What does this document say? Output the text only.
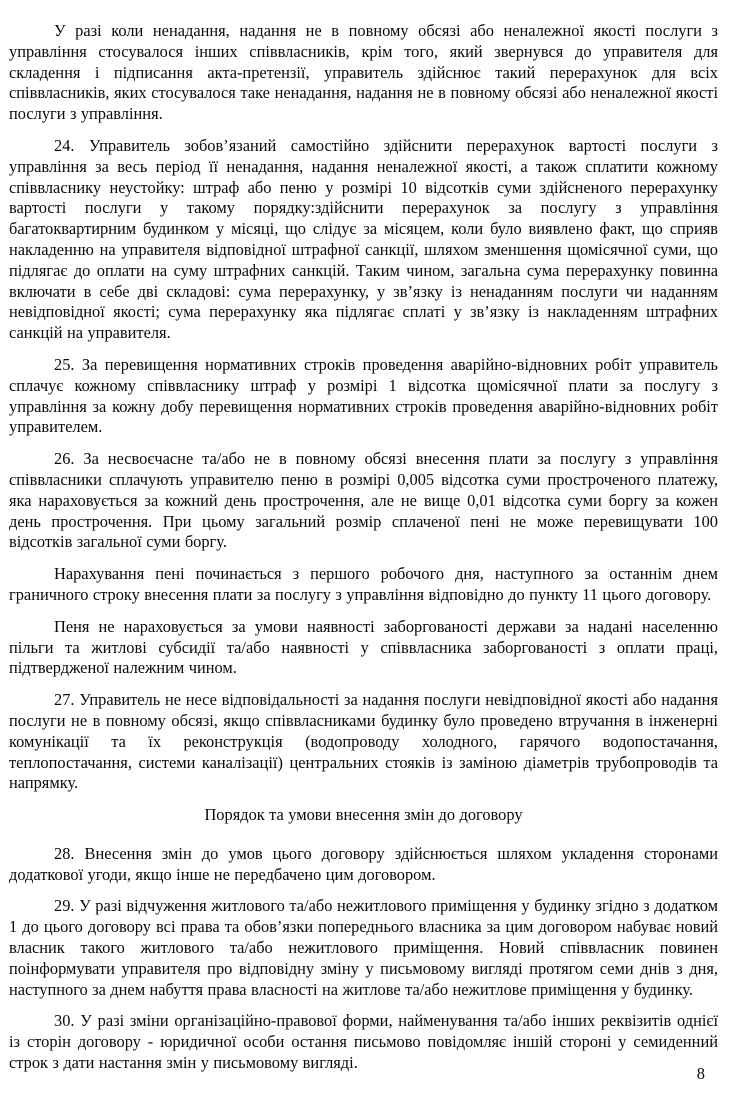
У разі коли ненадання, надання не в повному обсязі або неналежної якості послуги з управління стосувалося інших співвласників, крім того, який звернувся до управителя для складення і підписання акта-претензії, управитель здійснює такий перерахунок для всіх співвласників, яких стосувалося таке ненадання, надання не в повному обсязі або неналежної якості послуги з управління.

24. Управитель зобов’язаний самостійно здійснити перерахунок вартості послуги з управління за весь період її ненадання, надання неналежної якості, а також сплатити кожному співвласнику неустойку: штраф або пеню у розмірі 10 відсотків суми здійсненого перерахунку вартості послуги у такому порядку:здійснити перерахунок за послугу з управління багатоквартирним будинком у місяці, що слідує за місяцем, коли було виявлено факт, що сприяв накладенню на управителя відповідної штрафної санкції, шляхом зменшення щомісячної суми, що підлягає до оплати на суму штрафних санкцій. Таким чином, загальна сума перерахунку повинна включати в себе дві складові: сума перерахунку, у зв’язку із ненаданням послуги чи наданням невідповідної якості; сума перерахунку яка підлягає сплаті у зв’язку із накладенням штрафних санкцій на управителя.

25. За перевищення нормативних строків проведення аварійно-відновних робіт управитель сплачує кожному співвласнику штраф у розмірі 1 відсотка щомісячної плати за послугу з управління за кожну добу перевищення нормативних строків проведення аварійно-відновних робіт управителем.

26. За несвоєчасне та/або не в повному обсязі внесення плати за послугу з управління співвласники сплачують управителю пеню в розмірі 0,005 відсотка суми простроченого платежу, яка нараховується за кожний день прострочення, але не вище 0,01 відсотка суми боргу за кожен день прострочення. При цьому загальний розмір сплаченої пені не може перевищувати 100 відсотків загальної суми боргу.

Нарахування пені починається з першого робочого дня, наступного за останнім днем граничного строку внесення плати за послугу з управління відповідно до пункту 11 цього договору.

Пеня не нараховується за умови наявності заборгованості держави за надані населенню пільги та житлові субсидії та/або наявності у співвласника заборгованості з оплати праці, підтвердженої належним чином.

27. Управитель не несе відповідальності за надання послуги невідповідної якості або надання послуги не в повному обсязі, якщо співвласниками будинку було проведено втручання в інженерні комунікації та їх реконструкція (водопроводу холодного, гарячого водопостачання, теплопостачання, системи каналізації) центральних стояків із заміною діаметрів трубопроводів та напрямку.

Порядок та умови внесення змін до договору

28. Внесення змін до умов цього договору здійснюється шляхом укладення сторонами додаткової угоди, якщо інше не передбачено цим договором.

29. У разі відчуження житлового та/або нежитлового приміщення у будинку згідно з додатком 1 до цього договору всі права та обов’язки попереднього власника за цим договором набуває новий власник такого житлового та/або нежитлового приміщення. Новий співвласник повинен поінформувати управителя про відповідну зміну у письмовому вигляді протягом семи днів з дня, наступного за днем набуття права власності на житлове та/або нежитлове приміщення у будинку.

30. У разі зміни організаційно-правової форми, найменування та/або інших реквізитів однієї із сторін договору - юридичної особи остання письмово повідомляє іншій стороні у семиденний строк з дати настання змін у письмовому вигляді.

8
